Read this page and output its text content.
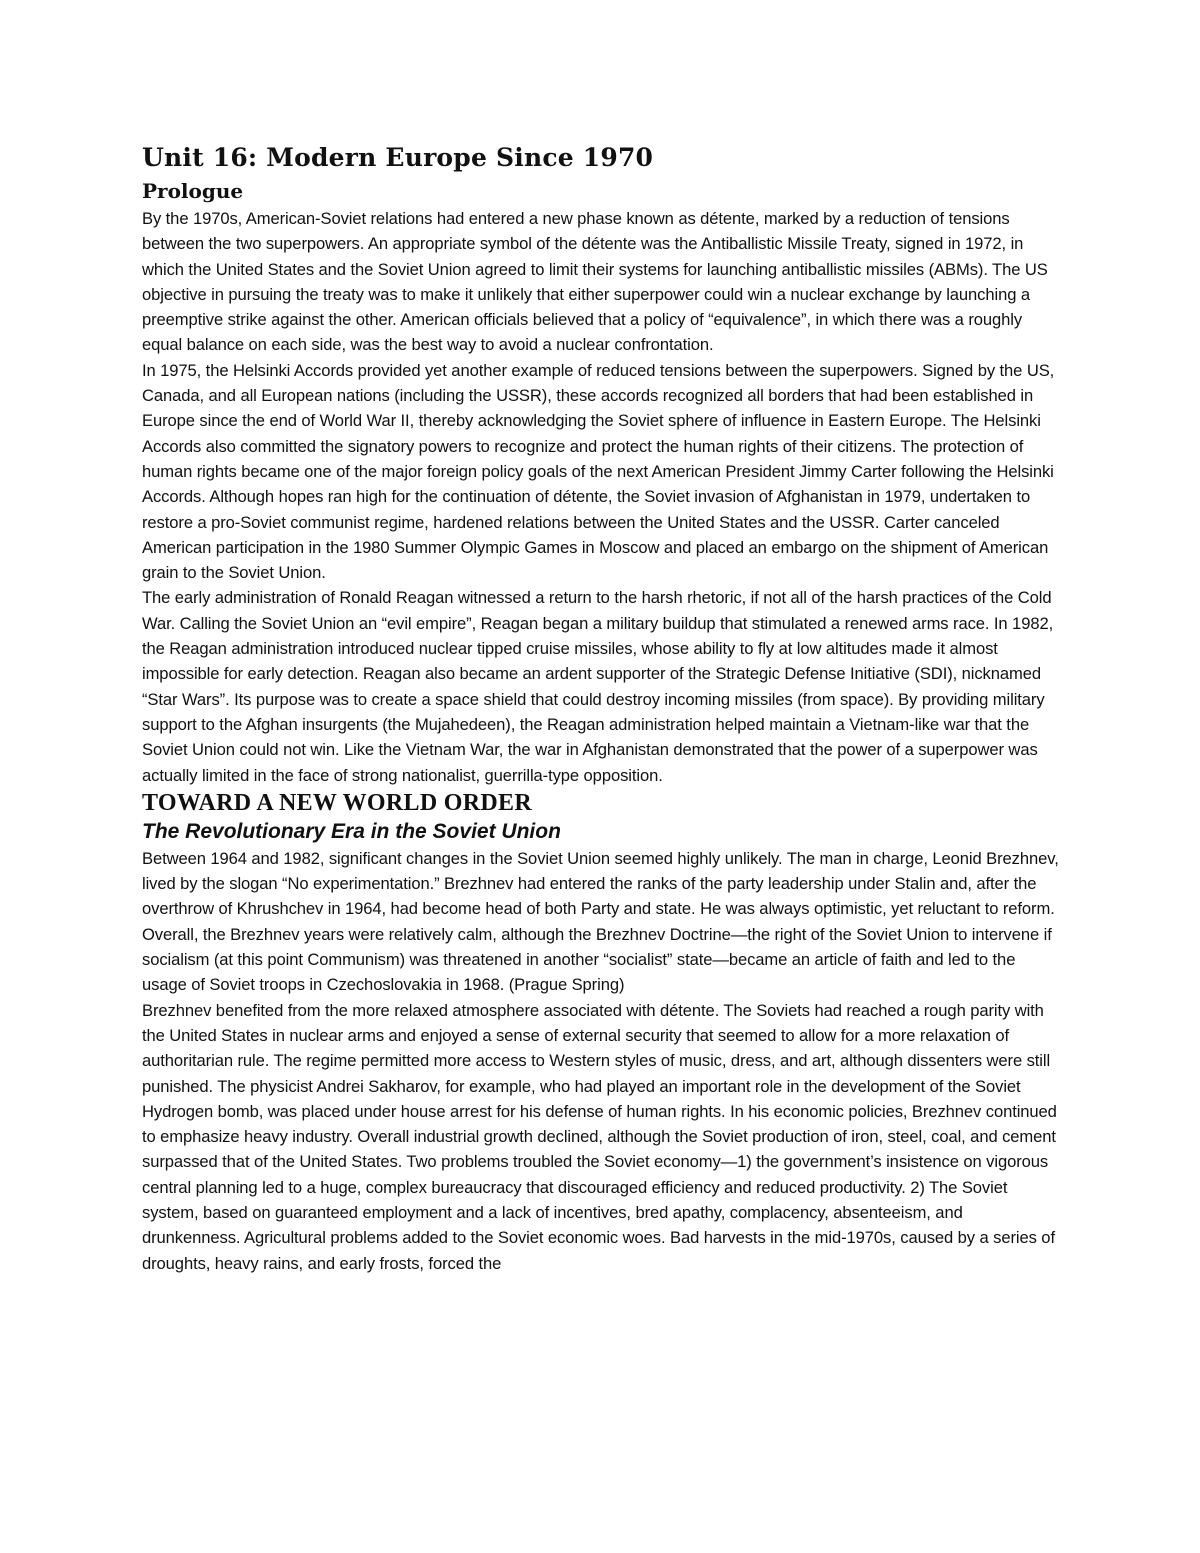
Unit 16: Modern Europe Since 1970
Prologue

By the 1970s, American-Soviet relations had entered a new phase known as détente, marked by a reduction of tensions between the two superpowers. An appropriate symbol of the détente was the Antiballistic Missile Treaty, signed in 1972, in which the United States and the Soviet Union agreed to limit their systems for launching antiballistic missiles (ABMs). The US objective in pursuing the treaty was to make it unlikely that either superpower could win a nuclear exchange by launching a preemptive strike against the other. American officials believed that a policy of “equivalence”, in which there was a roughly equal balance on each side, was the best way to avoid a nuclear confrontation.

In 1975, the Helsinki Accords provided yet another example of reduced tensions between the superpowers. Signed by the US, Canada, and all European nations (including the USSR), these accords recognized all borders that had been established in Europe since the end of World War II, thereby acknowledging the Soviet sphere of influence in Eastern Europe. The Helsinki Accords also committed the signatory powers to recognize and protect the human rights of their citizens. The protection of human rights became one of the major foreign policy goals of the next American President Jimmy Carter following the Helsinki Accords. Although hopes ran high for the continuation of détente, the Soviet invasion of Afghanistan in 1979, undertaken to restore a pro-Soviet communist regime, hardened relations between the United States and the USSR. Carter canceled American participation in the 1980 Summer Olympic Games in Moscow and placed an embargo on the shipment of American grain to the Soviet Union.

The early administration of Ronald Reagan witnessed a return to the harsh rhetoric, if not all of the harsh practices of the Cold War. Calling the Soviet Union an “evil empire”, Reagan began a military buildup that stimulated a renewed arms race. In 1982, the Reagan administration introduced nuclear tipped cruise missiles, whose ability to fly at low altitudes made it almost impossible for early detection. Reagan also became an ardent supporter of the Strategic Defense Initiative (SDI), nicknamed “Star Wars”. Its purpose was to create a space shield that could destroy incoming missiles (from space). By providing military support to the Afghan insurgents (the Mujahedeen), the Reagan administration helped maintain a Vietnam-like war that the Soviet Union could not win. Like the Vietnam War, the war in Afghanistan demonstrated that the power of a superpower was actually limited in the face of strong nationalist, guerrilla-type opposition.

TOWARD A NEW WORLD ORDER
The Revolutionary Era in the Soviet Union

Between 1964 and 1982, significant changes in the Soviet Union seemed highly unlikely. The man in charge, Leonid Brezhnev, lived by the slogan “No experimentation.” Brezhnev had entered the ranks of the party leadership under Stalin and, after the overthrow of Khrushchev in 1964, had become head of both Party and state. He was always optimistic, yet reluctant to reform. Overall, the Brezhnev years were relatively calm, although the Brezhnev Doctrine—the right of the Soviet Union to intervene if socialism (at this point Communism) was threatened in another “socialist” state—became an article of faith and led to the usage of Soviet troops in Czechoslovakia in 1968. (Prague Spring)

Brezhnev benefited from the more relaxed atmosphere associated with détente. The Soviets had reached a rough parity with the United States in nuclear arms and enjoyed a sense of external security that seemed to allow for a more relaxation of authoritarian rule. The regime permitted more access to Western styles of music, dress, and art, although dissenters were still punished. The physicist Andrei Sakharov, for example, who had played an important role in the development of the Soviet Hydrogen bomb, was placed under house arrest for his defense of human rights. In his economic policies, Brezhnev continued to emphasize heavy industry. Overall industrial growth declined, although the Soviet production of iron, steel, coal, and cement surpassed that of the United States. Two problems troubled the Soviet economy—1) the government’s insistence on vigorous central planning led to a huge, complex bureaucracy that discouraged efficiency and reduced productivity. 2) The Soviet system, based on guaranteed employment and a lack of incentives, bred apathy, complacency, absenteeism, and drunkenness. Agricultural problems added to the Soviet economic woes. Bad harvests in the mid-1970s, caused by a series of droughts, heavy rains, and early frosts, forced the
